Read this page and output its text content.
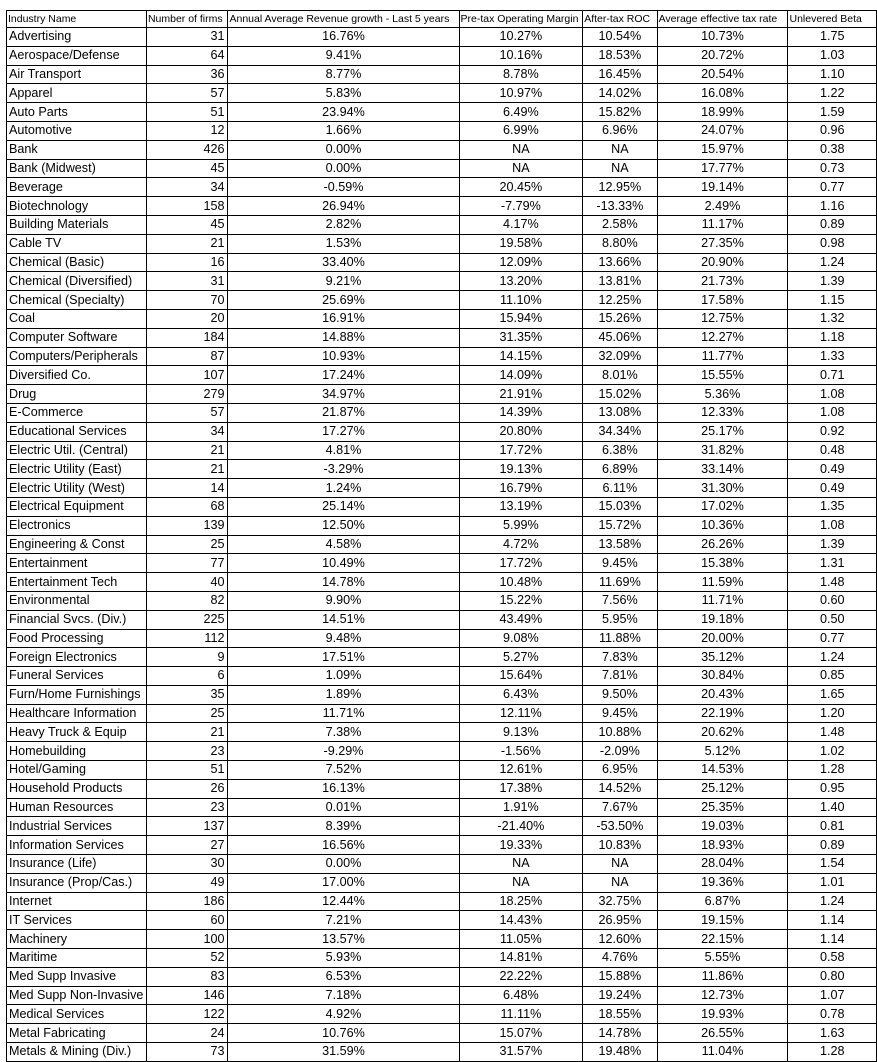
Industry Name	Number of firms	Annual Average Revenue growth - Last 5 years	Pre-tax Operating Margin	After-tax ROC	Average effective tax rate	Unlevered Beta
Advertising	31	16.76%	10.27%	10.54%	10.73%	1.75
Aerospace/Defense	64	9.41%	10.16%	18.53%	20.72%	1.03
Air Transport	36	8.77%	8.78%	16.45%	20.54%	1.10
Apparel	57	5.83%	10.97%	14.02%	16.08%	1.22
Auto Parts	51	23.94%	6.49%	15.82%	18.99%	1.59
Automotive	12	1.66%	6.99%	6.96%	24.07%	0.96
Bank	426	0.00%	NA	NA	15.97%	0.38
Bank (Midwest)	45	0.00%	NA	NA	17.77%	0.73
Beverage	34	-0.59%	20.45%	12.95%	19.14%	0.77
Biotechnology	158	26.94%	-7.79%	-13.33%	2.49%	1.16
Building Materials	45	2.82%	4.17%	2.58%	11.17%	0.89
Cable TV	21	1.53%	19.58%	8.80%	27.35%	0.98
Chemical (Basic)	16	33.40%	12.09%	13.66%	20.90%	1.24
Chemical (Diversified)	31	9.21%	13.20%	13.81%	21.73%	1.39
Chemical (Specialty)	70	25.69%	11.10%	12.25%	17.58%	1.15
Coal	20	16.91%	15.94%	15.26%	12.75%	1.32
Computer Software	184	14.88%	31.35%	45.06%	12.27%	1.18
Computers/Peripherals	87	10.93%	14.15%	32.09%	11.77%	1.33
Diversified Co.	107	17.24%	14.09%	8.01%	15.55%	0.71
Drug	279	34.97%	21.91%	15.02%	5.36%	1.08
E-Commerce	57	21.87%	14.39%	13.08%	12.33%	1.08
Educational Services	34	17.27%	20.80%	34.34%	25.17%	0.92
Electric Util. (Central)	21	4.81%	17.72%	6.38%	31.82%	0.48
Electric Utility (East)	21	-3.29%	19.13%	6.89%	33.14%	0.49
Electric Utility (West)	14	1.24%	16.79%	6.11%	31.30%	0.49
Electrical Equipment	68	25.14%	13.19%	15.03%	17.02%	1.35
Electronics	139	12.50%	5.99%	15.72%	10.36%	1.08
Engineering & Const	25	4.58%	4.72%	13.58%	26.26%	1.39
Entertainment	77	10.49%	17.72%	9.45%	15.38%	1.31
Entertainment Tech	40	14.78%	10.48%	11.69%	11.59%	1.48
Environmental	82	9.90%	15.22%	7.56%	11.71%	0.60
Financial Svcs. (Div.)	225	14.51%	43.49%	5.95%	19.18%	0.50
Food Processing	112	9.48%	9.08%	11.88%	20.00%	0.77
Foreign Electronics	9	17.51%	5.27%	7.83%	35.12%	1.24
Funeral Services	6	1.09%	15.64%	7.81%	30.84%	0.85
Furn/Home Furnishings	35	1.89%	6.43%	9.50%	20.43%	1.65
Healthcare Information	25	11.71%	12.11%	9.45%	22.19%	1.20
Heavy Truck & Equip	21	7.38%	9.13%	10.88%	20.62%	1.48
Homebuilding	23	-9.29%	-1.56%	-2.09%	5.12%	1.02
Hotel/Gaming	51	7.52%	12.61%	6.95%	14.53%	1.28
Household Products	26	16.13%	17.38%	14.52%	25.12%	0.95
Human Resources	23	0.01%	1.91%	7.67%	25.35%	1.40
Industrial Services	137	8.39%	-21.40%	-53.50%	19.03%	0.81
Information Services	27	16.56%	19.33%	10.83%	18.93%	0.89
Insurance (Life)	30	0.00%	NA	NA	28.04%	1.54
Insurance (Prop/Cas.)	49	17.00%	NA	NA	19.36%	1.01
Internet	186	12.44%	18.25%	32.75%	6.87%	1.24
IT Services	60	7.21%	14.43%	26.95%	19.15%	1.14
Machinery	100	13.57%	11.05%	12.60%	22.15%	1.14
Maritime	52	5.93%	14.81%	4.76%	5.55%	0.58
Med Supp Invasive	83	6.53%	22.22%	15.88%	11.86%	0.80
Med Supp Non-Invasive	146	7.18%	6.48%	19.24%	12.73%	1.07
Medical Services	122	4.92%	11.11%	18.55%	19.93%	0.78
Metal Fabricating	24	10.76%	15.07%	14.78%	26.55%	1.63
Metals & Mining (Div.)	73	31.59%	31.57%	19.48%	11.04%	1.28
